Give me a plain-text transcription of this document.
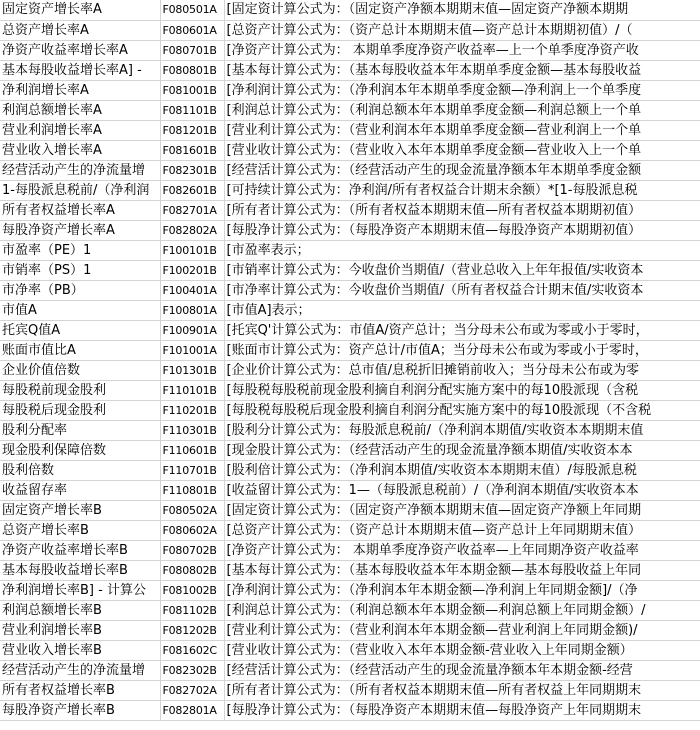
固定资产增长率A	F080501A	[固定资计算公式为：（固定资产净额本期期末值—固定资产净额本期期
总资产增长率A	F080601A	[总资产计算公式为：（资产总计本期期末值—资产总计本期期初值）/（
净资产收益率增长率A	F080701B	[净资产计算公式为： 本期单季度净资产收益率—上一个单季度净资产收
基本每股收益增长率A] -	F080801B	[基本每计算公式为：（基本每股收益本年本期单季度金额—基本每股收益
净利润增长率A	F081001B	[净利润计算公式为：（净利润本年本期单季度金额—净利润上一个单季度
利润总额增长率A	F081101B	[利润总计算公式为：（利润总额本年本期单季度金额—利润总额上一个单
营业利润增长率A	F081201B	[营业利计算公式为：（营业利润本年本期单季度金额—营业利润上一个单
营业收入增长率A	F081601B	[营业收计算公式为：（营业收入本年本期单季度金额—营业收入上一个单
经营活动产生的净流量增	F082301B	[经营活计算公式为：（经营活动产生的现金流量净额本年本期单季度金额
1-每股派息税前/（净利润	F082601B	[可持续计算公式为：净利润/所有者权益合计期末余额）*[1-每股派息税
所有者权益增长率A	F082701A	[所有者计算公式为：（所有者权益本期期末值—所有者权益本期期初值）
每股净资产增长率A	F082802A	[每股净计算公式为：（每股净资产本期期末值—每股净资产本期期初值）
市盈率（PE）1	F100101B	[市盈率表示；
市销率（PS）1	F100201B	[市销率计算公式为：今收盘价当期值/（营业总收入上年年报值/实收资本
市净率（PB）	F100401A	[市净率计算公式为：今收盘价当期值/（所有者权益合计期末值/实收资本
市值A	F100801A	[市值A]表示；
托宾Q值A	F100901A	[托宾Q'计算公式为：市值A/资产总计；当分母未公布或为零或小于零时，
账面市值比A	F101001A	[账面市计算公式为：资产总计/市值A；当分母未公布或为零或小于零时，
企业价值倍数	F101301B	[企业价计算公式为：总市值/息税折旧摊销前收入；当分母未公布或为零
每股税前现金股利	F110101B	[每股税每股税前现金股利摘自利润分配实施方案中的每10股派现（含税
每股税后现金股利	F110201B	[每股税每股税后现金股利摘自利润分配实施方案中的每10股派现（不含税
股利分配率	F110301B	[股利分计算公式为：每股派息税前/（净利润本期值/实收资本本期期末值
现金股利保障倍数	F110601B	[现金股计算公式为：（经营活动产生的现金流量净额本期值/实收资本本
股利倍数	F110701B	[股利倍计算公式为：（净利润本期值/实收资本本期期末值）/每股派息税
收益留存率	F110801B	[收益留计算公式为：1—（每股派息税前）/（净利润本期值/实收资本本
固定资产增长率B	F080502A	[固定资计算公式为：（固定资产净额本期期末值—固定资产净额上年同期
总资产增长率B	F080602A	[总资产计算公式为：（资产总计本期期末值—资产总计上年同期期末值）
净资产收益率增长率B	F080702B	[净资产计算公式为： 本期单季度净资产收益率—上年同期净资产收益率
基本每股收益增长率B	F080802B	[基本每计算公式为：（基本每股收益本年本期金额—基本每股收益上年同
净利润增长率B] - 计算公	F081002B	[净利润计算公式为：（净利润本年本期金额—净利润上年同期金额]/（净
利润总额增长率B	F081102B	[利润总计算公式为：（利润总额本年本期金额—利润总额上年同期金额）/
营业利润增长率B	F081202B	[营业利计算公式为：（营业利润本年本期金额—营业利润上年同期金额)/
营业收入增长率B	F081602C	[营业收计算公式为：（营业收入本年本期金额-营业收入上年同期金额）
经营活动产生的净流量增	F082302B	[经营活计算公式为：（经营活动产生的现金流量净额本年本期金额-经营
所有者权益增长率B	F082702A	[所有者计算公式为：（所有者权益本期期末值—所有者权益上年同期期末
每股净资产增长率B	F082801A	[每股净计算公式为：（每股净资产本期期末值—每股净资产上年同期期末
